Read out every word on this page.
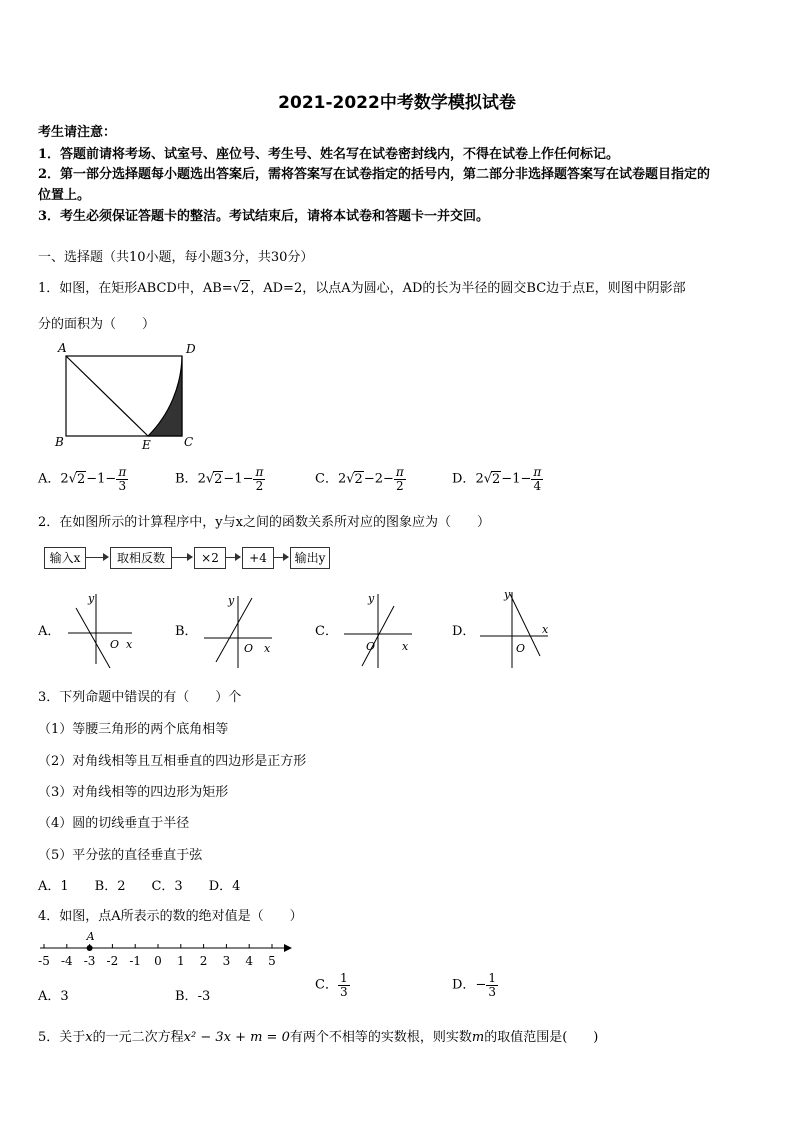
2021-2022中考数学模拟试卷
考生请注意：
1．答题前请将考场、试室号、座位号、考生号、姓名写在试卷密封线内，不得在试卷上作任何标记。
2．第一部分选择题每小题选出答案后，需将答案写在试卷指定的括号内，第二部分非选择题答案写在试卷题目指定的
位置上。
3．考生必须保证答题卡的整洁。考试结束后，请将本试卷和答题卡一并交回。
一、选择题（共10小题，每小题3分，共30分）
1．如图，在矩形ABCD中，AB=√2，AD=2，以点A为圆心，AD的长为半径的圆交BC边于点E，则图中阴影部
分的面积为（　　）
A	D
B	E	C
A．$2√2-1- \frac{\pi}{3}$	B．$2√2-1- \frac{\pi}{2}$	C．$2√2-2- \frac{\pi}{2}$	D．$2√2-1- \frac{\pi}{4}$
2．在如图所示的计算程序中，y与x之间的函数关系所对应的图象应为（　　）
输入x	取相反数	×2	+4	输出y
A．
y
O x
B．
y
O x
C．
y
O x
D．
y
O
x
3．下列命题中错误的有（　　）个
（1）等腰三角形的两个底角相等
（2）对角线相等且互相垂直的四边形是正方形
（3）对角线相等的四边形为矩形
（4）圆的切线垂直于半径
（5）平分弦的直径垂直于弦
A．1　　B．2　　C．3　　D．4
4．如图，点A所表示的数的绝对值是（　　）
-5 -4 -3 -2 -1 0 1 2 3 4 5
A
A．3	B．-3
C． $\frac{1}{3}$	D．− $\frac{1}{3}$
5．关于x的一元二次方程x² − 3x + m = 0有两个不相等的实数根，则实数m的取值范围是(　　)
